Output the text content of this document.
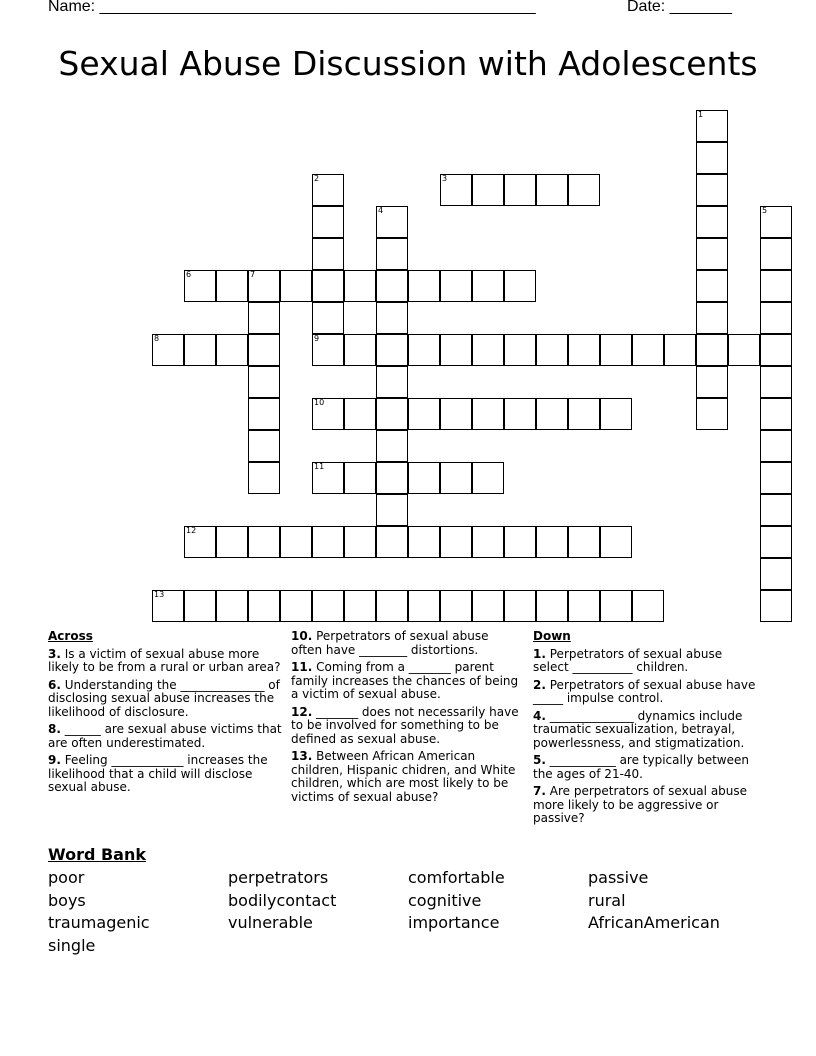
Name: _________________________________________________	Date: _______
Sexual Abuse Discussion with Adolescents
1
2	3
4	5
6	7
8	9
10
11
12
13
Across
3. Is a victim of sexual abuse more likely to be from a rural or urban area?
6. Understanding the ______________ of disclosing sexual abuse increases the likelihood of disclosure.
8. ______ are sexual abuse victims that are often underestimated.
9. Feeling ____________ increases the likelihood that a child will disclose sexual abuse.
10. Perpetrators of sexual abuse often have ________ distortions.
11. Coming from a _______ parent family increases the chances of being a victim of sexual abuse.
12. _______ does not necessarily have to be involved for something to be defined as sexual abuse.
13. Between African American children, Hispanic chidren, and White children, which are most likely to be victims of sexual abuse?
Down
1. Perpetrators of sexual abuse select __________ children.
2. Perpetrators of sexual abuse have _____ impulse control.
4. ______________ dynamics include traumatic sexualization, betrayal, powerlessness, and stigmatization.
5. ___________ are typically between the ages of 21-40.
7. Are perpetrators of sexual abuse more likely to be aggressive or passive?
Word Bank
poor	perpetrators	comfortable	passive
boys	bodilycontact	cognitive	rural
traumagenic	vulnerable	importance	AfricanAmerican
single
